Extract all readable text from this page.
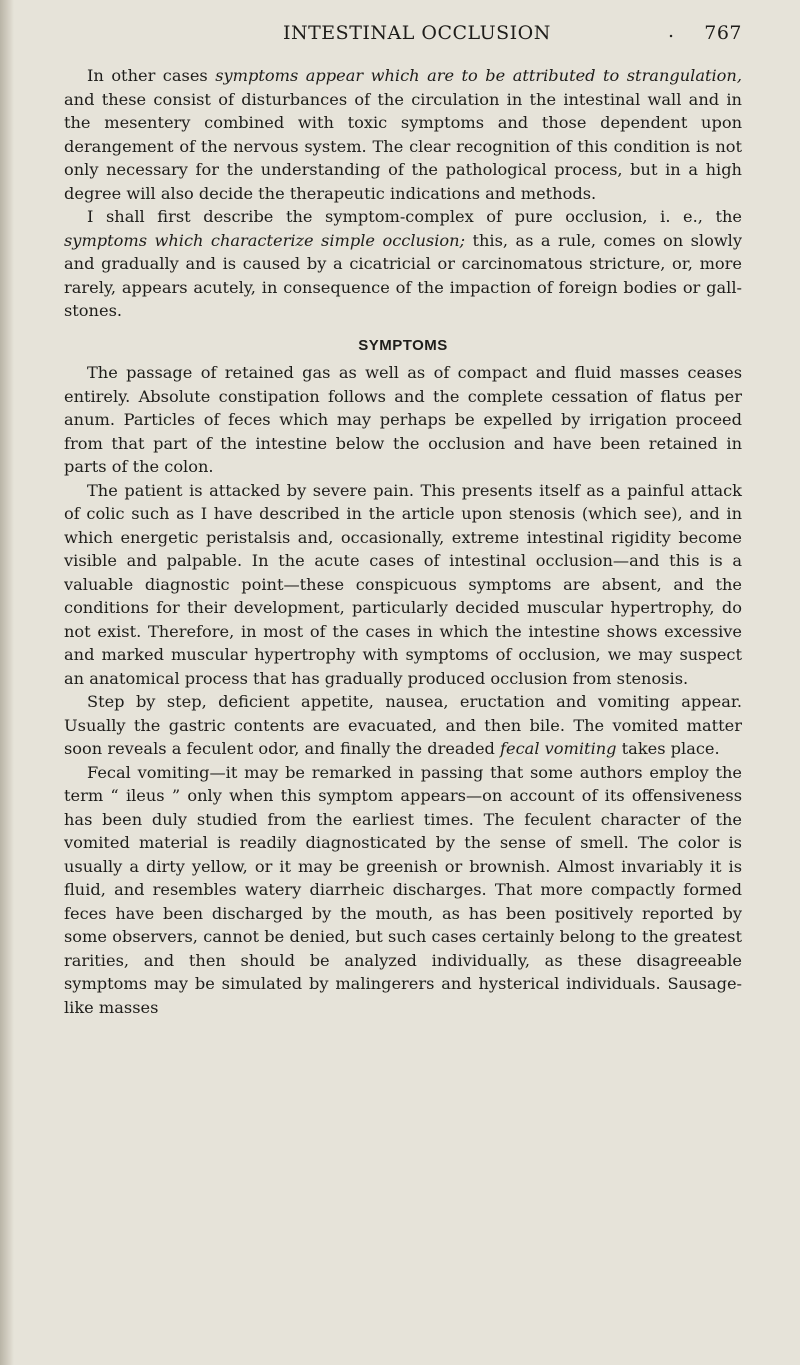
INTESTINAL OCCLUSION	. 767

In other cases symptoms appear which are to be attributed to strangulation, and these consist of disturbances of the circulation in the intestinal wall and in the mesentery combined with toxic symptoms and those dependent upon derangement of the nervous system. The clear recognition of this condition is not only necessary for the understanding of the pathological process, but in a high degree will also decide the therapeutic indications and methods.

I shall first describe the symptom-complex of pure occlusion, i. e., the symptoms which characterize simple occlusion; this, as a rule, comes on slowly and gradually and is caused by a cicatricial or carcinomatous stricture, or, more rarely, appears acutely, in consequence of the impaction of foreign bodies or gall-stones.

SYMPTOMS

The passage of retained gas as well as of compact and fluid masses ceases entirely. Absolute constipation follows and the complete cessation of flatus per anum. Particles of feces which may perhaps be expelled by irrigation proceed from that part of the intestine below the occlusion and have been retained in parts of the colon.

The patient is attacked by severe pain. This presents itself as a painful attack of colic such as I have described in the article upon stenosis (which see), and in which energetic peristalsis and, occasionally, extreme intestinal rigidity become visible and palpable. In the acute cases of intestinal occlusion—and this is a valuable diagnostic point—these conspicuous symptoms are absent, and the conditions for their development, particularly decided muscular hypertrophy, do not exist. Therefore, in most of the cases in which the intestine shows excessive and marked muscular hypertrophy with symptoms of occlusion, we may suspect an anatomical process that has gradually produced occlusion from stenosis.

Step by step, deficient appetite, nausea, eructation and vomiting appear. Usually the gastric contents are evacuated, and then bile. The vomited matter soon reveals a feculent odor, and finally the dreaded fecal vomiting takes place.

Fecal vomiting—it may be remarked in passing that some authors employ the term “ ileus ” only when this symptom appears—on account of its offensiveness has been duly studied from the earliest times. The feculent character of the vomited material is readily diagnosticated by the sense of smell. The color is usually a dirty yellow, or it may be greenish or brownish. Almost invariably it is fluid, and resembles watery diarrheic discharges. That more compactly formed feces have been discharged by the mouth, as has been positively reported by some observers, cannot be denied, but such cases certainly belong to the greatest rarities, and then should be analyzed individually, as these disagreeable symptoms may be simulated by malingerers and hysterical individuals. Sausage-like masses
